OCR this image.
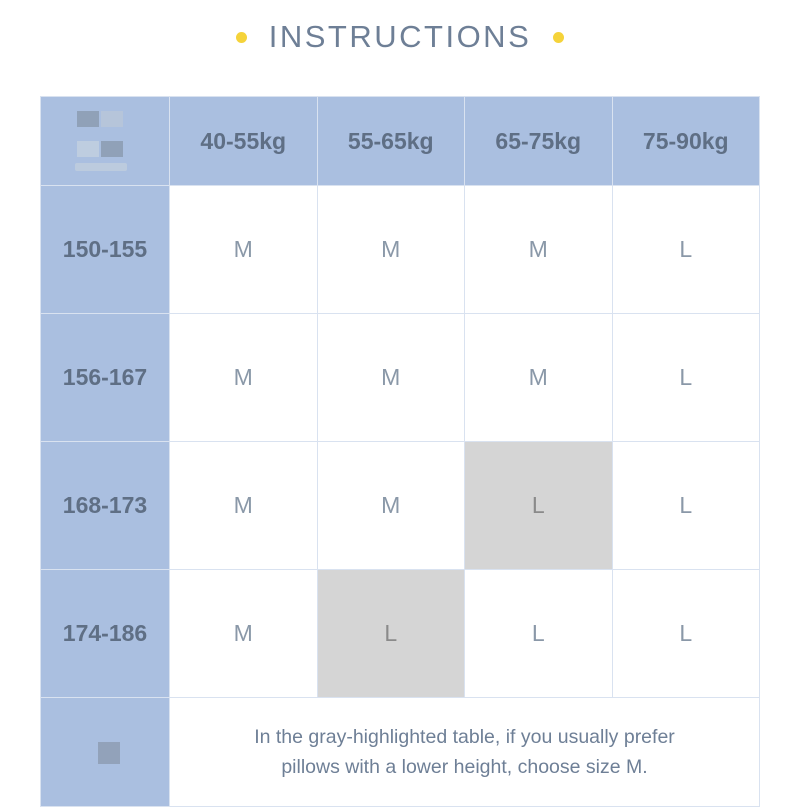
INSTRUCTIONS
	40-55kg	55-65kg	65-75kg	75-90kg
150-155	M	M	M	L
156-167	M	M	M	L
168-173	M	M	L	L
174-186	M	L	L	L

	In the gray-highlighted table, if you usually prefer
pillows with a lower height, choose size M.			
